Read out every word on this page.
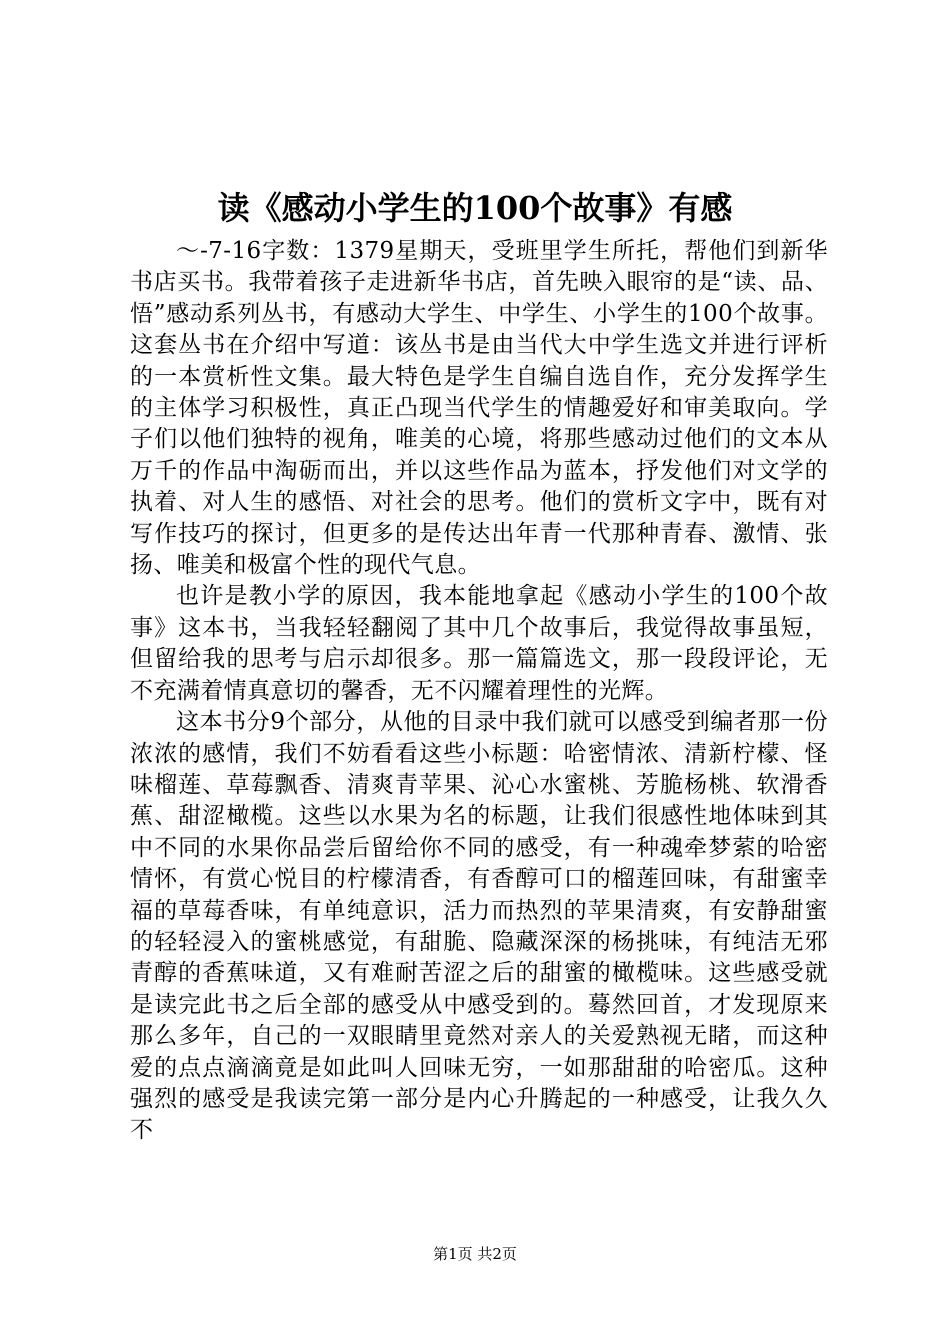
读《感动小学生的100个故事》有感

～-7-16字数：1379星期天，受班里学生所托，帮他们到新华书店买书。我带着孩子走进新华书店，首先映入眼帘的是“读、品、悟”感动系列丛书，有感动大学生、中学生、小学生的100个故事。这套丛书在介绍中写道：该丛书是由当代大中学生选文并进行评析的一本赏析性文集。最大特色是学生自编自选自作，充分发挥学生的主体学习积极性，真正凸现当代学生的情趣爱好和审美取向。学子们以他们独特的视角，唯美的心境，将那些感动过他们的文本从万千的作品中淘砺而出，并以这些作品为蓝本，抒发他们对文学的执着、对人生的感悟、对社会的思考。他们的赏析文字中，既有对写作技巧的探讨，但更多的是传达出年青一代那种青春、激情、张扬、唯美和极富个性的现代气息。

也许是教小学的原因，我本能地拿起《感动小学生的100个故事》这本书，当我轻轻翻阅了其中几个故事后，我觉得故事虽短，但留给我的思考与启示却很多。那一篇篇选文，那一段段评论，无不充满着情真意切的馨香，无不闪耀着理性的光辉。

这本书分9个部分，从他的目录中我们就可以感受到编者那一份浓浓的感情，我们不妨看看这些小标题：哈密情浓、清新柠檬、怪味榴莲、草莓飘香、清爽青苹果、沁心水蜜桃、芳脆杨桃、软滑香蕉、甜涩橄榄。这些以水果为名的标题，让我们很感性地体味到其中不同的水果你品尝后留给你不同的感受，有一种魂牵梦萦的哈密情怀，有赏心悦目的柠檬清香，有香醇可口的榴莲回味，有甜蜜幸福的草莓香味，有单纯意识，活力而热烈的苹果清爽，有安静甜蜜的轻轻浸入的蜜桃感觉，有甜脆、隐藏深深的杨挑味，有纯洁无邪青醇的香蕉味道，又有难耐苦涩之后的甜蜜的橄榄味。这些感受就是读完此书之后全部的感受从中感受到的。蓦然回首，才发现原来那么多年，自己的一双眼睛里竟然对亲人的关爱熟视无睹，而这种爱的点点滴滴竟是如此叫人回味无穷，一如那甜甜的哈密瓜。这种强烈的感受是我读完第一部分是内心升腾起的一种感受，让我久久不

第1页 共2页
